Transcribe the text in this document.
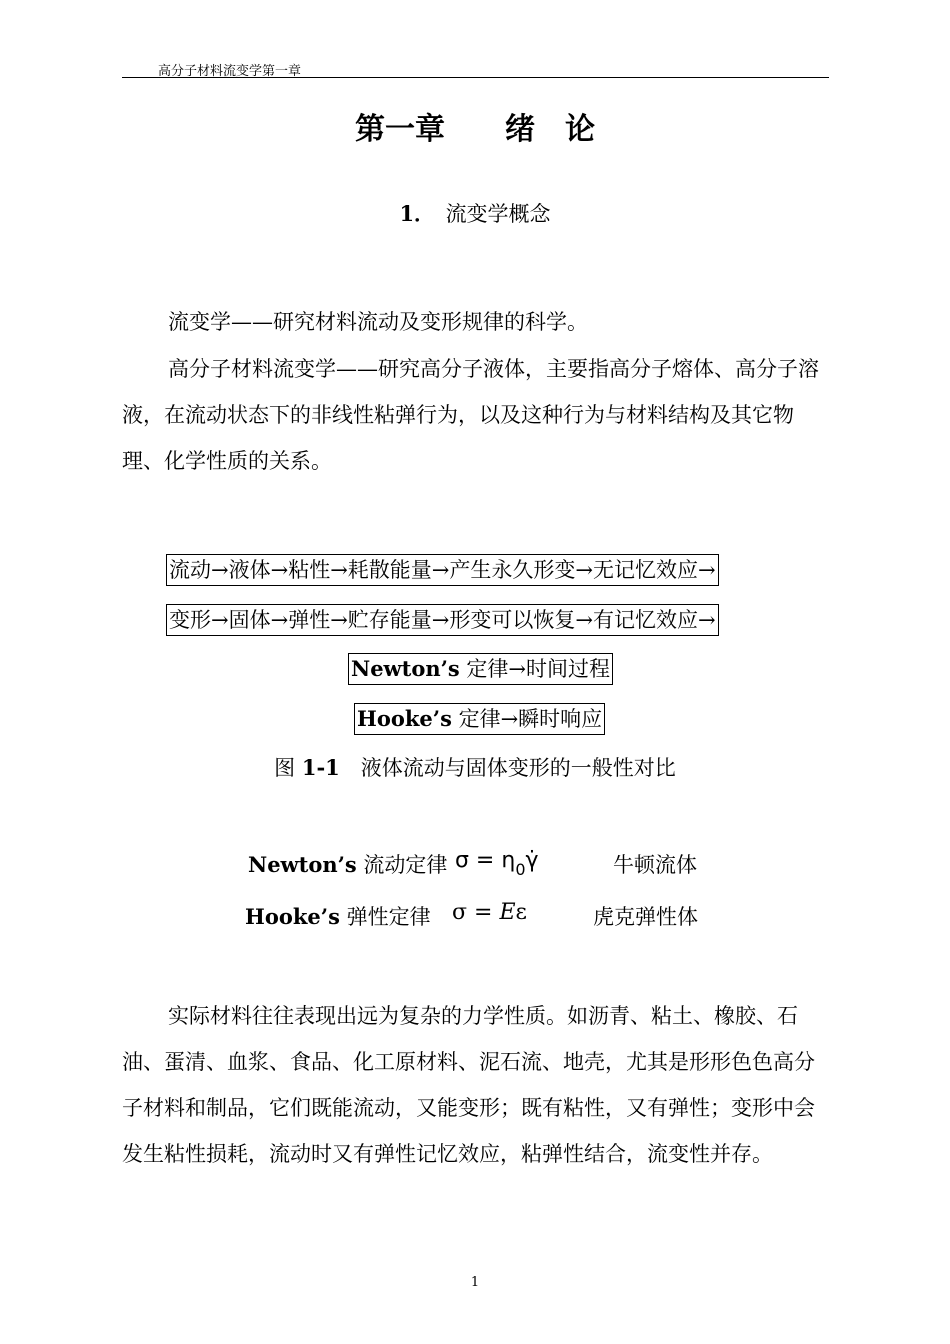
高分子材料流变学第一章
第一章 绪 论
1．　 流变学概念
流变学——研究材料流动及变形规律的科学。
高分子材料流变学——研究高分子液体，主要指高分子熔体、高分子溶液，在流动状态下的非线性粘弹行为，以及这种行为与材料结构及其它物理、化学性质的关系。
流动→液体→粘性→耗散能量→产生永久形变→无记忆效应→
变形→固体→弹性→贮存能量→形变可以恢复→有记忆效应→
Newton’s 定律→时间过程
Hooke’s 定律→瞬时响应
图 1-1　液体流动与固体变形的一般性对比
Newton’s 流动定律 $\sigma = \eta_0\gammȧ$	牛顿流体
Hooke’s 弹性定律 σ = Eε	虎克弹性体
实际材料往往表现出远为复杂的力学性质。如沥青、粘土、橡胶、石油、蛋清、血浆、食品、化工原材料、泥石流、地壳，尤其是形形色色高分子材料和制品，它们既能流动，又能变形；既有粘性，又有弹性；变形中会发生粘性损耗，流动时又有弹性记忆效应，粘弹性结合，流变性并存。
1
